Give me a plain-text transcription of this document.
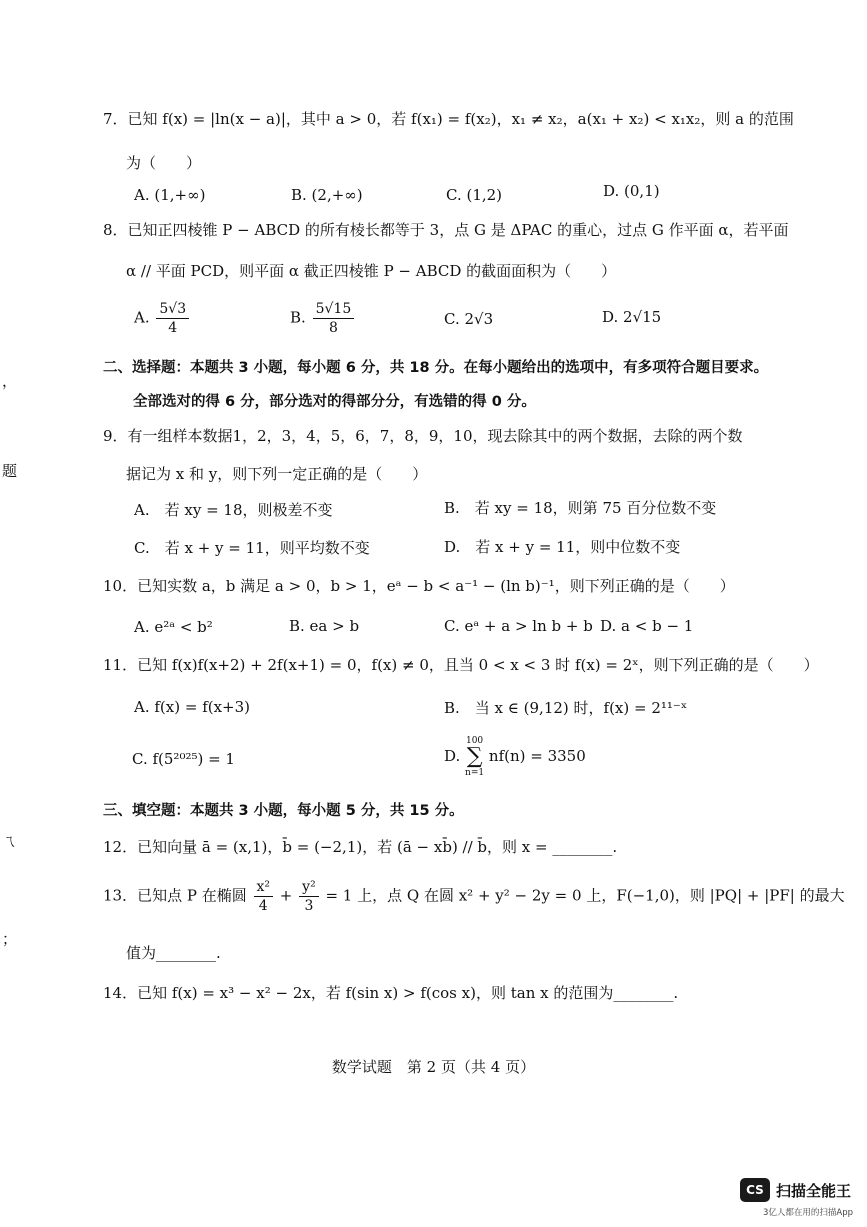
7．已知 f(x) = |ln(x − a)|，其中 a > 0，若 f(x₁) = f(x₂)，x₁ ≠ x₂，a(x₁ + x₂) < x₁x₂，则 a 的范围
为（　　）
A. (1,+∞)	B. (2,+∞)	C. (1,2)	D. (0,1)
8．已知正四棱锥 P − ABCD 的所有棱长都等于 3，点 G 是 ΔPAC 的重心，过点 G 作平面 α，若平面
α // 平面 PCD，则平面 α 截正四棱锥 P − ABCD 的截面面积为（　　）
A. $\frac{5√3}{4}$	B. $\frac{5√15}{8}$	C. 2√3	D. 2√15
二、选择题：本题共 3 小题，每小题 6 分，共 18 分。在每小题给出的选项中，有多项符合题目要求。
全部选对的得 6 分，部分选对的得部分分，有选错的得 0 分。
9．有一组样本数据1，2，3，4，5，6，7，8，9，10，现去除其中的两个数据，去除的两个数
据记为 x 和 y，则下列一定正确的是（　　）
A.　若 xy = 18，则极差不变	B.　若 xy = 18，则第 75 百分位数不变
C.　若 x + y = 11，则平均数不变	D.　若 x + y = 11，则中位数不变
10．已知实数 a，b 满足 a > 0，b > 1，eᵃ − b < a⁻¹ − (ln b)⁻¹，则下列正确的是（　　）
A. e²ᵃ < b²	B. ea > b	C. eᵃ + a > ln b + b D. a < b − 1
11．已知 f(x)f(x+2) + 2f(x+1) = 0，f(x) ≠ 0，且当 0 < x < 3 时 f(x) = 2ˣ，则下列正确的是（　　）
A. f(x) = f(x+3)	B.　当 x ∈ (9,12) 时，f(x) = 2¹¹⁻ˣ
C. f(5²⁰²⁵) = 1	D.
100
∑
n=1
nf(n) = 3350
三、填空题：本题共 3 小题，每小题 5 分，共 15 分。
12．已知向量 ā = (x,1)，b̄ = (−2,1)，若 (ā − xb̄) // b̄，则 x = ________.
13．已知点 P 在椭圆 $\frac{\text{x²}}{4} + \frac{\text{y²}}{3} = 1$ 上，点 Q 在圆 x² + y² − 2y = 0 上，F(−1,0)，则 |PQ| + |PF| 的最大
值为________.
14．已知 f(x) = x³ − x² − 2x，若 f(sin x) > f(cos x)，则 tan x 的范围为________.
数学试题　第 2 页（共 4 页）
，
题
ㄟ
；
CS 扫描全能王
3亿人都在用的扫描App
